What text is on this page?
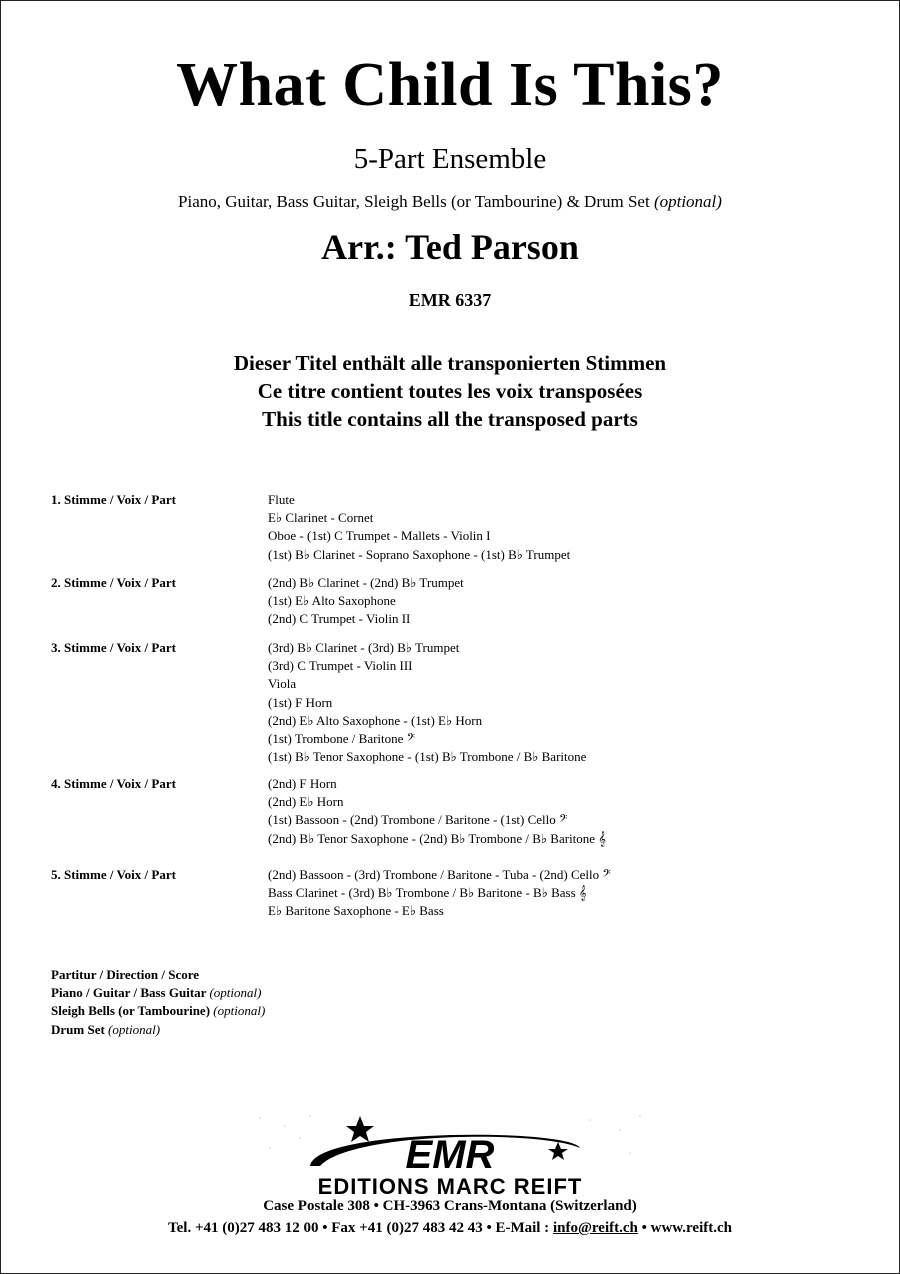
What Child Is This?
5-Part Ensemble
Piano, Guitar, Bass Guitar, Sleigh Bells (or Tambourine) & Drum Set (optional)
Arr.: Ted Parson
EMR 6337
Dieser Titel enthält alle transponierten Stimmen
Ce titre contient toutes les voix transposées
This title contains all the transposed parts
1. Stimme / Voix / Part	Flute
E♭ Clarinet - Cornet
Oboe - (1st) C Trumpet - Mallets - Violin I
(1st) B♭ Clarinet - Soprano Saxophone - (1st) B♭ Trumpet
2. Stimme / Voix / Part	(2nd) B♭ Clarinet - (2nd) B♭ Trumpet
(1st) E♭ Alto Saxophone
(2nd) C Trumpet - Violin II
3. Stimme / Voix / Part	(3rd) B♭ Clarinet - (3rd) B♭ Trumpet
(3rd) C Trumpet - Violin III
Viola
(1st) F Horn
(2nd) E♭ Alto Saxophone - (1st) E♭ Horn
(1st) Trombone / Baritone 𝄢
(1st) B♭ Tenor Saxophone - (1st) B♭ Trombone / B♭ Baritone
4. Stimme / Voix / Part	(2nd) F Horn
(2nd) E♭ Horn
(1st) Bassoon - (2nd) Trombone / Baritone - (1st) Cello 𝄢
(2nd) B♭ Tenor Saxophone - (2nd) B♭ Trombone / B♭ Baritone 𝄞
5. Stimme / Voix / Part	(2nd) Bassoon - (3rd) Trombone / Baritone - Tuba - (2nd) Cello 𝄢
Bass Clarinet - (3rd) B♭ Trombone / B♭ Baritone - B♭ Bass 𝄞
E♭ Baritone Saxophone - E♭ Bass
Partitur / Direction / Score
Piano / Guitar / Bass Guitar (optional)
Sleigh Bells (or Tambourine) (optional)
Drum Set (optional)
EMR
EDITIONS MARC REIFT
Case Postale 308 • CH-3963 Crans-Montana (Switzerland)
Tel. +41 (0)27 483 12 00 • Fax +41 (0)27 483 42 43 • E-Mail : info@reift.ch • www.reift.ch
